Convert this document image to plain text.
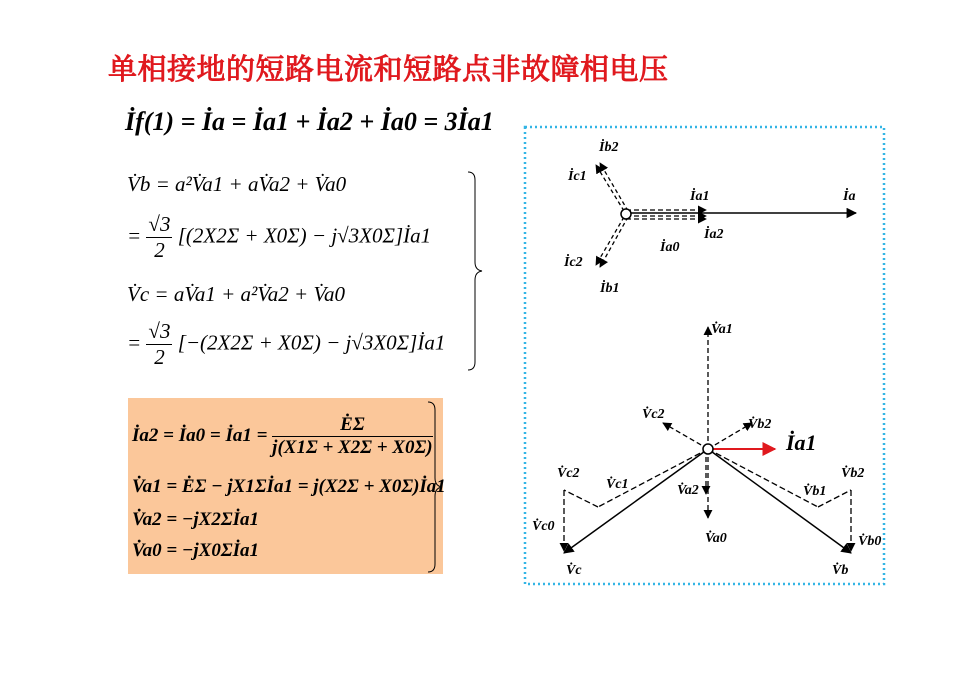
单相接地的短路电流和短路点非故障相电压
İf(1) = İa = İa1 + İa2 + İa0 = 3İa1
V̇b = a²V̇a1 + aV̇a2 + V̇a0
= $\frac{√3}{2} [(2X2\Sigma + X0\Sigma)$ − j√3X0Σ]İa1
V̇c = aV̇a1 + a²V̇a2 + V̇a0
= $\frac{√3}{2} [-(2X2\Sigma + X0\Sigma)$ − j√3X0Σ]İa1
İa2 = İa0 = İa1 = $\frac{Ė\Sigma}{j(X1\Sigma + X2\Sigma + X0\Sigma)}$
V̇a1 = ĖΣ − jX1Σİa1 = j(X2Σ + X0Σ)İa1
V̇a2 = −jX2Σİa1
V̇a0 = −jX0Σİa1
İb2
İc1
İa1	İa
İa2
İa0
İc2
İb1
V̇a1
V̇c2
V̇b2
İa1
V̇c2
V̇c1	V̇a2	V̇b1
V̇b2
V̇c0
V̇a0	V̇b0
V̇c	V̇b
